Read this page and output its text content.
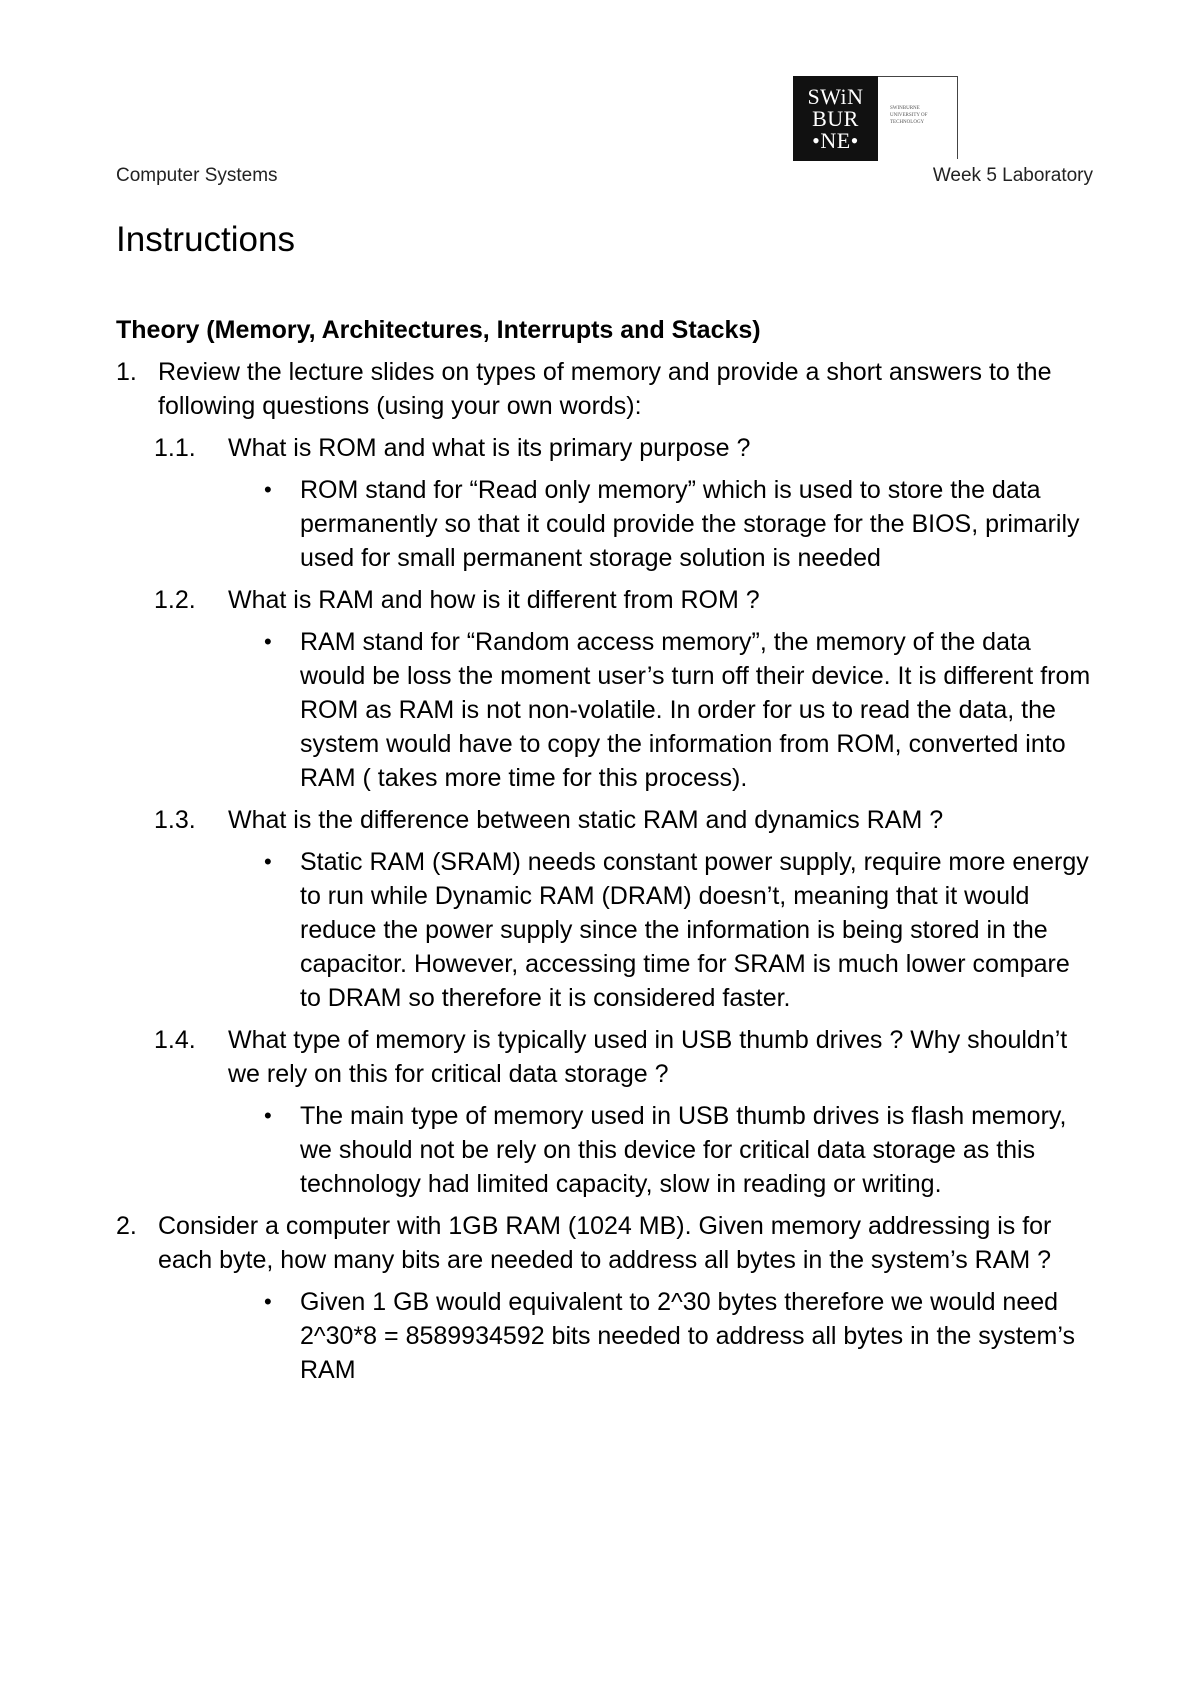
SWiN
BUR
•NE•
SWINBURNE UNIVERSITY OF TECHNOLOGY
Computer Systems	Week 5 Laboratory
Instructions
Theory (Memory, Architectures, Interrupts and Stacks)
1. Review the lecture slides on types of memory and provide a short answers to the following questions (using your own words):
1.1. What is ROM and what is its primary purpose ?
• ROM stand for “Read only memory” which is used to store the data permanently so that it could provide the storage for the BIOS, primarily used for small permanent storage solution is needed
1.2. What is RAM and how is it different from ROM ?
• RAM stand for “Random access memory”, the memory of the data would be loss the moment user’s turn off their device. It is different from ROM as RAM is not non-volatile. In order for us to read the data, the system would have to copy the information from ROM, converted into RAM ( takes more time for this process).
1.3. What is the difference between static RAM and dynamics RAM ?
• Static RAM (SRAM) needs constant power supply, require more energy to run while Dynamic RAM (DRAM) doesn’t, meaning that it would reduce the power supply since the information is being stored in the capacitor. However, accessing time for SRAM is much lower compare to DRAM so therefore it is considered faster.
1.4. What type of memory is typically used in USB thumb drives ? Why shouldn’t we rely on this for critical data storage ?
• The main type of memory used in USB thumb drives is flash memory, we should not be rely on this device for critical data storage as this technology had limited capacity, slow in reading or writing.
2. Consider a computer with 1GB RAM (1024 MB). Given memory addressing is for each byte, how many bits are needed to address all bytes in the system’s RAM ?
• Given 1 GB would equivalent to 2^30 bytes therefore we would need 2^30*8 = 8589934592 bits needed to address all bytes in the system’s RAM
